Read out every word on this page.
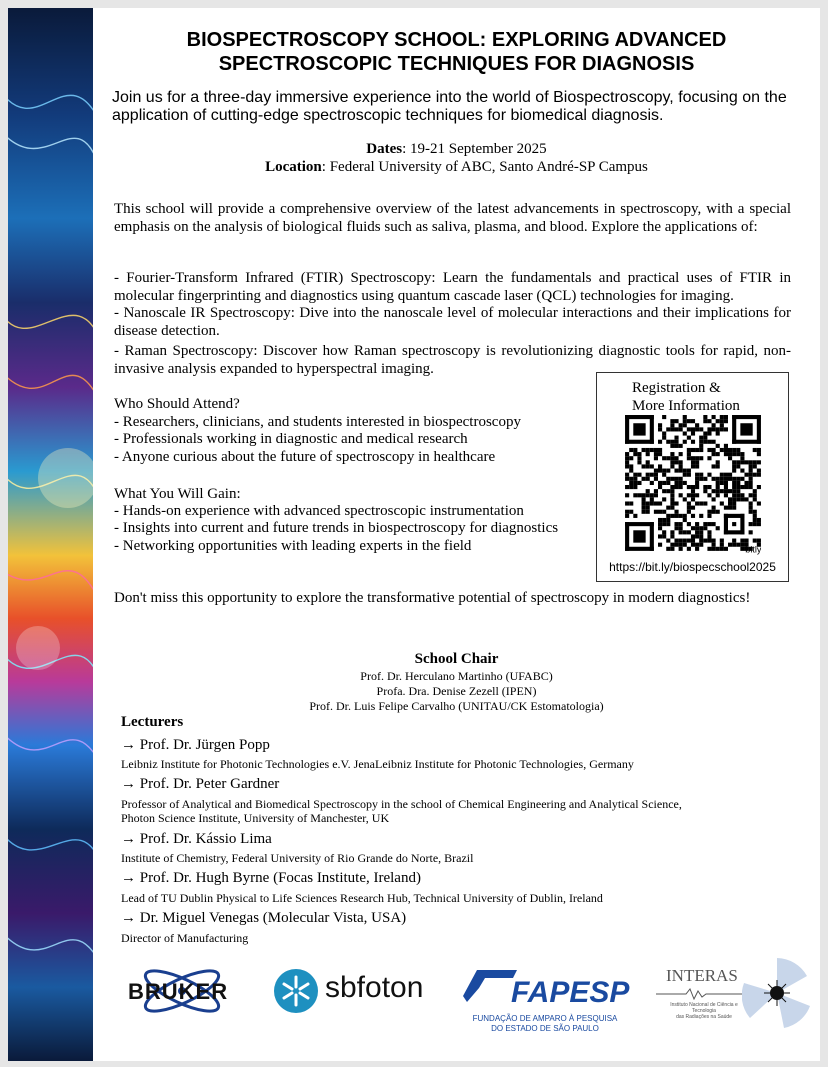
BIOSPECTROSCOPY SCHOOL: EXPLORING ADVANCED
SPECTROSCOPIC TECHNIQUES FOR DIAGNOSIS

Join us for a three-day immersive experience into the world of Biospectroscopy, focusing on the application of cutting-edge spectroscopic techniques for biomedical diagnosis.

Dates: 19-21 September 2025
Location: Federal University of ABC, Santo André-SP Campus

This school will provide a comprehensive overview of the latest advancements in spectroscopy, with a special emphasis on the analysis of biological fluids such as saliva, plasma, and blood. Explore the applications of:

- Fourier-Transform Infrared (FTIR) Spectroscopy: Learn the fundamentals and practical uses of FTIR in molecular fingerprinting and diagnostics using quantum cascade laser (QCL) technologies for imaging.

- Nanoscale IR Spectroscopy: Dive into the nanoscale level of molecular interactions and their implications for disease detection.

- Raman Spectroscopy: Discover how Raman spectroscopy is revolutionizing diagnostic tools for rapid, non-invasive analysis expanded to hyperspectral imaging.

Who Should Attend?
- Researchers, clinicians, and students interested in biospectroscopy
- Professionals working in diagnostic and medical research
- Anyone curious about the future of spectroscopy in healthcare
What You Will Gain:
- Hands-on experience with advanced spectroscopic instrumentation
- Insights into current and future trends in biospectroscopy for diagnostics
- Networking opportunities with leading experts in the field
Registration &
More Information
bitly
https://bit.ly/biospecschool2025

Don't miss this opportunity to explore the transformative potential of spectroscopy in modern diagnostics!

School Chair
Prof. Dr. Herculano Martinho (UFABC)
Profa. Dra. Denise Zezell (IPEN)
Prof. Dr. Luis Felipe Carvalho (UNITAU/CK Estomatologia)
Lecturers
→ Prof. Dr. Jürgen Popp
Leibniz Institute for Photonic Technologies e.V. JenaLeibniz Institute for Photonic Technologies, Germany
→ Prof. Dr. Peter Gardner
Professor of Analytical and Biomedical Spectroscopy in the school of Chemical Engineering and Analytical Science,
Photon Science Institute, University of Manchester, UK
→ Prof. Dr. Kássio Lima
Institute of Chemistry, Federal University of Rio Grande do Norte, Brazil
→ Prof. Dr. Hugh Byrne (Focas Institute, Ireland)
Lead of TU Dublin Physical to Life Sciences Research Hub, Technical University of Dublin, Ireland
→ Dr. Miguel Venegas (Molecular Vista, USA)
Director of Manufacturing
BRUKER	sbfoton	FAPESP
FUNDAÇÃO DE AMPARO À PESQUISA
DO ESTADO DE SÃO PAULO
INTERAS
Instituto Nacional de Ciência e Tecnologia
das Radiações na Saúde
